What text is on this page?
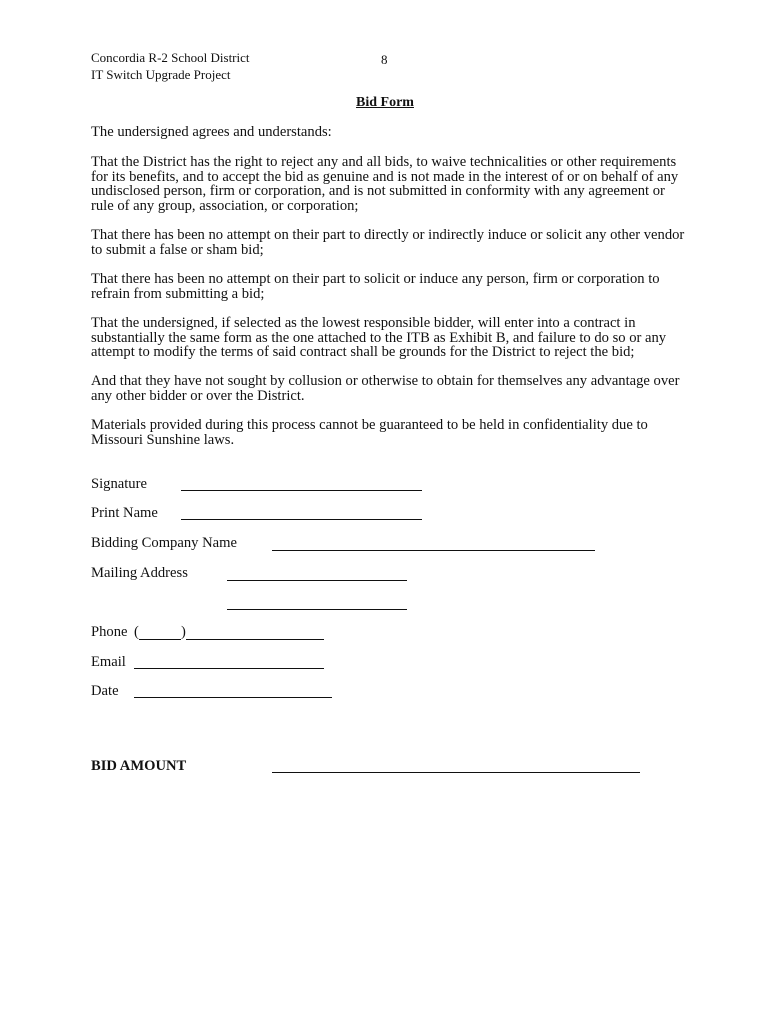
Concordia R-2 School District
IT Switch Upgrade Project
8
Bid Form

The undersigned agrees and understands:

That the District has the right to reject any and all bids, to waive technicalities or other requirements for its benefits, and to accept the bid as genuine and is not made in the interest of or on behalf of any undisclosed person, firm or corporation, and is not submitted in conformity with any agreement or rule of any group, association, or corporation;

That there has been no attempt on their part to directly or indirectly induce or solicit any other vendor to submit a false or sham bid;

That there has been no attempt on their part to solicit or induce any person, firm or corporation to refrain from submitting a bid;

That the undersigned, if selected as the lowest responsible bidder, will enter into a contract in substantially the same form as the one attached to the ITB as Exhibit B, and failure to do so or any attempt to modify the terms of said contract shall be grounds for the District to reject the bid;

And that they have not sought by collusion or otherwise to obtain for themselves any advantage over any other bidder or over the District.

Materials provided during this process cannot be guaranteed to be held in confidentiality due to Missouri Sunshine laws.

Signature
Print Name
Bidding Company Name
Mailing Address
Phone (	)
Email
Date
BID AMOUNT
